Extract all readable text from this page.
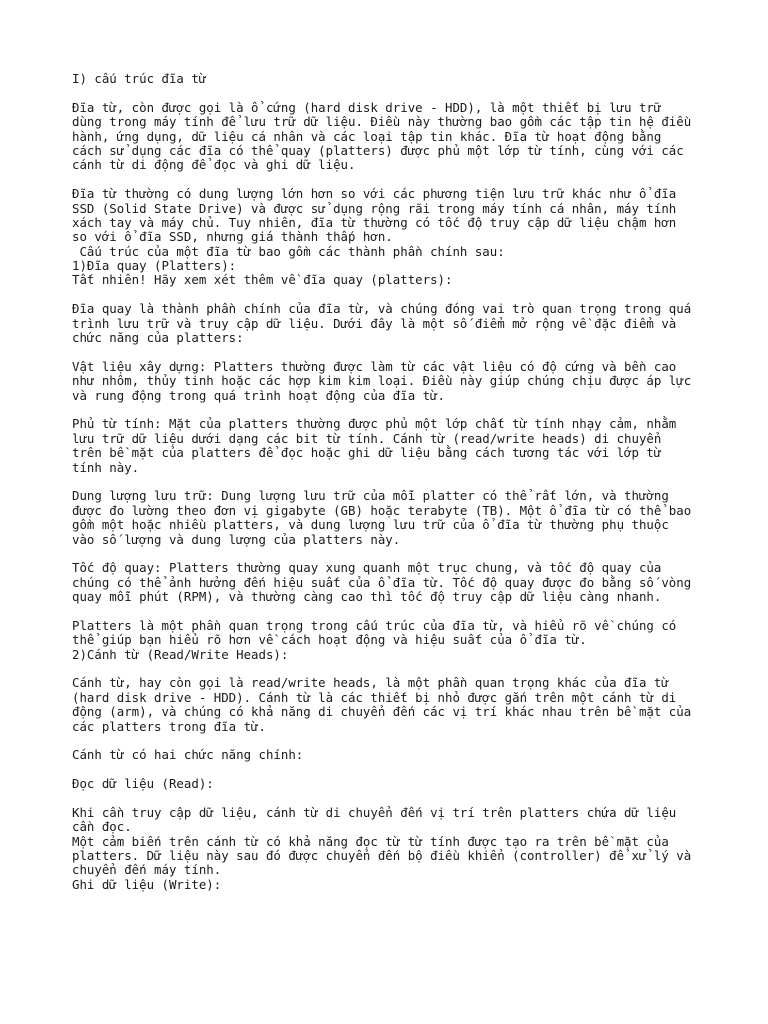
I) cấu trúc đĩa từ
Đĩa từ, còn được gọi là ổ cứng (hard disk drive - HDD), là một thiết bị lưu trữ
dùng trong máy tính để lưu trữ dữ liệu. Điều này thường bao gồm các tập tin hệ điều
hành, ứng dụng, dữ liệu cá nhân và các loại tập tin khác. Đĩa từ hoạt động bằng
cách sử dụng các đĩa có thể quay (platters) được phủ một lớp từ tính, cùng với các
cánh từ di động để đọc và ghi dữ liệu.
Đĩa từ thường có dung lượng lớn hơn so với các phương tiện lưu trữ khác như ổ đĩa
SSD (Solid State Drive) và được sử dụng rộng rãi trong máy tính cá nhân, máy tính
xách tay và máy chủ. Tuy nhiên, đĩa từ thường có tốc độ truy cập dữ liệu chậm hơn
so với ổ đĩa SSD, nhưng giá thành thấp hơn.
Cấu trúc của một đĩa từ bao gồm các thành phần chính sau:
1)Đĩa quay (Platters):
Tất nhiên! Hãy xem xét thêm về đĩa quay (platters):
Đĩa quay là thành phần chính của đĩa từ, và chúng đóng vai trò quan trọng trong quá
trình lưu trữ và truy cập dữ liệu. Dưới đây là một số điểm mở rộng về đặc điểm và
chức năng của platters:
Vật liệu xây dựng: Platters thường được làm từ các vật liệu có độ cứng và bền cao
như nhôm, thủy tinh hoặc các hợp kim kim loại. Điều này giúp chúng chịu được áp lực
và rung động trong quá trình hoạt động của đĩa từ.
Phủ từ tính: Mặt của platters thường được phủ một lớp chất từ tính nhạy cảm, nhằm
lưu trữ dữ liệu dưới dạng các bit từ tính. Cánh từ (read/write heads) di chuyển
trên bề mặt của platters để đọc hoặc ghi dữ liệu bằng cách tương tác với lớp từ
tính này.
Dung lượng lưu trữ: Dung lượng lưu trữ của mỗi platter có thể rất lớn, và thường
được đo lường theo đơn vị gigabyte (GB) hoặc terabyte (TB). Một ổ đĩa từ có thể bao
gồm một hoặc nhiều platters, và dung lượng lưu trữ của ổ đĩa từ thường phụ thuộc
vào số lượng và dung lượng của platters này.
Tốc độ quay: Platters thường quay xung quanh một trục chung, và tốc độ quay của
chúng có thể ảnh hưởng đến hiệu suất của ổ đĩa từ. Tốc độ quay được đo bằng số vòng
quay mỗi phút (RPM), và thường càng cao thì tốc độ truy cập dữ liệu càng nhanh.
Platters là một phần quan trọng trong cấu trúc của đĩa từ, và hiểu rõ về chúng có
thể giúp bạn hiểu rõ hơn về cách hoạt động và hiệu suất của ổ đĩa từ.
2)Cánh từ (Read/Write Heads):
Cánh từ, hay còn gọi là read/write heads, là một phần quan trọng khác của đĩa từ
(hard disk drive - HDD). Cánh từ là các thiết bị nhỏ được gắn trên một cánh từ di
động (arm), và chúng có khả năng di chuyển đến các vị trí khác nhau trên bề mặt của
các platters trong đĩa từ.
Cánh từ có hai chức năng chính:
Đọc dữ liệu (Read):
Khi cần truy cập dữ liệu, cánh từ di chuyển đến vị trí trên platters chứa dữ liệu
cần đọc.
Một cảm biến trên cánh từ có khả năng đọc từ từ tính được tạo ra trên bề mặt của
platters. Dữ liệu này sau đó được chuyển đến bộ điều khiển (controller) để xử lý và
chuyển đến máy tính.
Ghi dữ liệu (Write):
